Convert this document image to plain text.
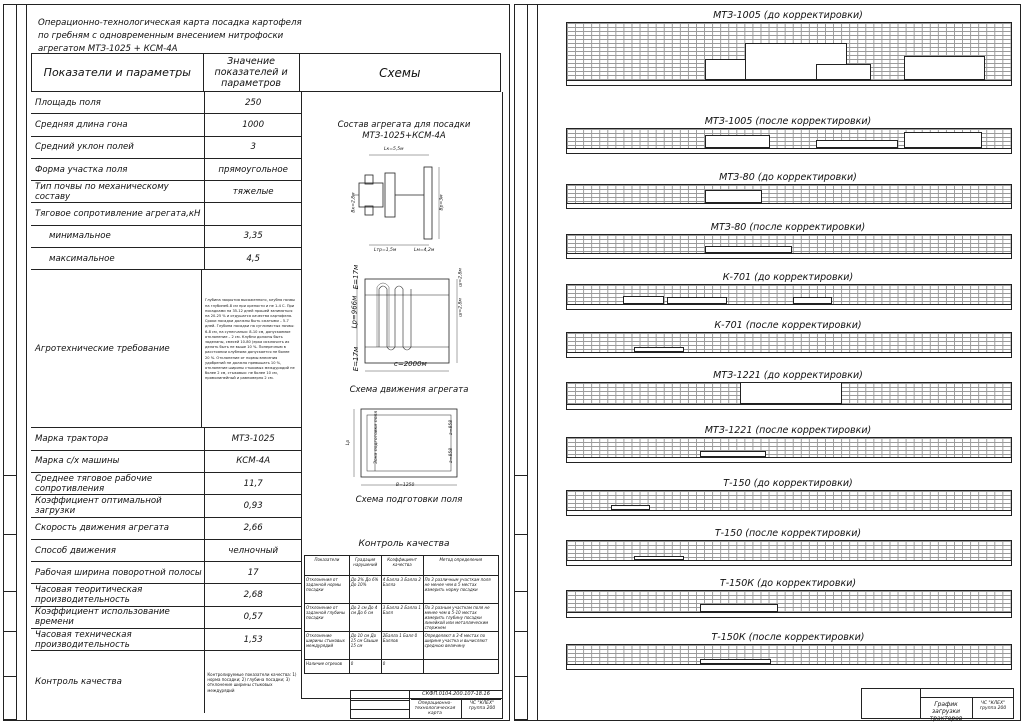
Операционно-технологическая карта посадка картофеля по гребням с одновременным внесением нитрофоски агрегатом МТЗ-1025 + КСМ-4А
Показатели и параметры	Значение показателей и параметров	Схемы
Площадь поля	250
Средняя длина гона	1000
Средний уклон полей	3
Форма участка поля	прямоугольное
Тип почвы по механическому составу	тяжелые
Тяговое сопротивление агрегата,кН
минимальное	3,35
максимальное	4,5
Агротехнические требование
Глубина закрытия высаженного, клубня почвы на глубине6-8 см при крепости и не 1-4 С. При посадками на 35-12 дней прошей заниматься на 20-25 % и отдушатся качества картофеля. Сроки посадки должны быть сжатыми – 5-7 дней. Глубина посадки на суглинистых почвы: 6-8 см, на супесчаных: 8-10 см, допускаемое отклонение – 2 см. Клубни должны быть заделаны, смесей 10-80 (ерка исключить их делать быть не выше 10 %. Поперечным в расстоянии клубнями допускается не более 20 %. Отклонение от нормы внесения удобрений не должно превышать 10 %, отклонение ширины стыковых междурядий не более 2 см, стыковых: не более 10 см, прямолинейный и равномерно 2 см.
Марка трактора	МТЗ-1025
Марка с/х машины	КСМ-4А
Среднее тяговое рабочие сопротивления	11,7
Коэффициент оптимальной загрузки	0,93
Скорость движения агрегата	2,66
Способ движения	челночный
Рабочая ширина поворотной полосы	17
Часовая теоритическая производительность	2,68
Коэффициент использование времени	0,57
Часовая техническая производительность	1,53
Контроль качества
Контролируемые показатели качества: 1) норма посадки; 2) глубина посадки; 3) отклонение ширины стыковых междурядий
Состав агрегата для посадки МТЗ-1025+КСМ-4А
Lк=5,5м
Lтр=1,5м	Lм=4,2м
Bк=2,8м	Вр=3м
Е=17м
Lр=966м
Е=17м	с=2000м
ш=2,8м
ш=2,8м
Схема движения агрегата
Lр	Зона подготовки поля	а=858
а=858
В=1250
Схема подготовки поля
Контроль качества
Показатели	Градация нарушений	Коэффициент качества	Метод определения
Отклонения от заданной нормы посадки	До 2% До 6% До 10%	4 Балла 3 Балла 2 Балла	По 3 различным участкам поля не менее чем в 5 местах измерить норму посадки
Отклонение от заданной глубины посадки	До 2 см До 4 см До 6 см	3 Балла 2 Балла 1 Балл	По 3 разным участкам поля не менее чем в 5-10 местах измерить глубину посадки линейкой или металлическим стержнем
Отклонение ширины стыковых междурядий	До 10 см До 15 см Свыше 15 см	2Балла 1 Балл 0 Баллов	Определяют в 3-4 местах по ширине участка и вычисляют среднюю величину
Наличие огрехов	0	0	
СКФП.0104.200.107-18.16
Операционно-технологическая карта
ЧС "КЛЕХ" группа 200
График загрузки тракторов
ЧС "КЛЕХ" группа 200
МТЗ-1005 (до корректировки)
МТЗ-1005 (после корректировки)
МТЗ-80 (до корректировки)
МТЗ-80 (после корректировки)
К-701 (до корректировки)
К-701 (после корректировки)
МТЗ-1221 (до корректировки)
МТЗ-1221 (после корректировки)
Т-150 (до корректировки)
Т-150 (после корректировки)
Т-150К (до корректировки)
Т-150К (после корректировки)
